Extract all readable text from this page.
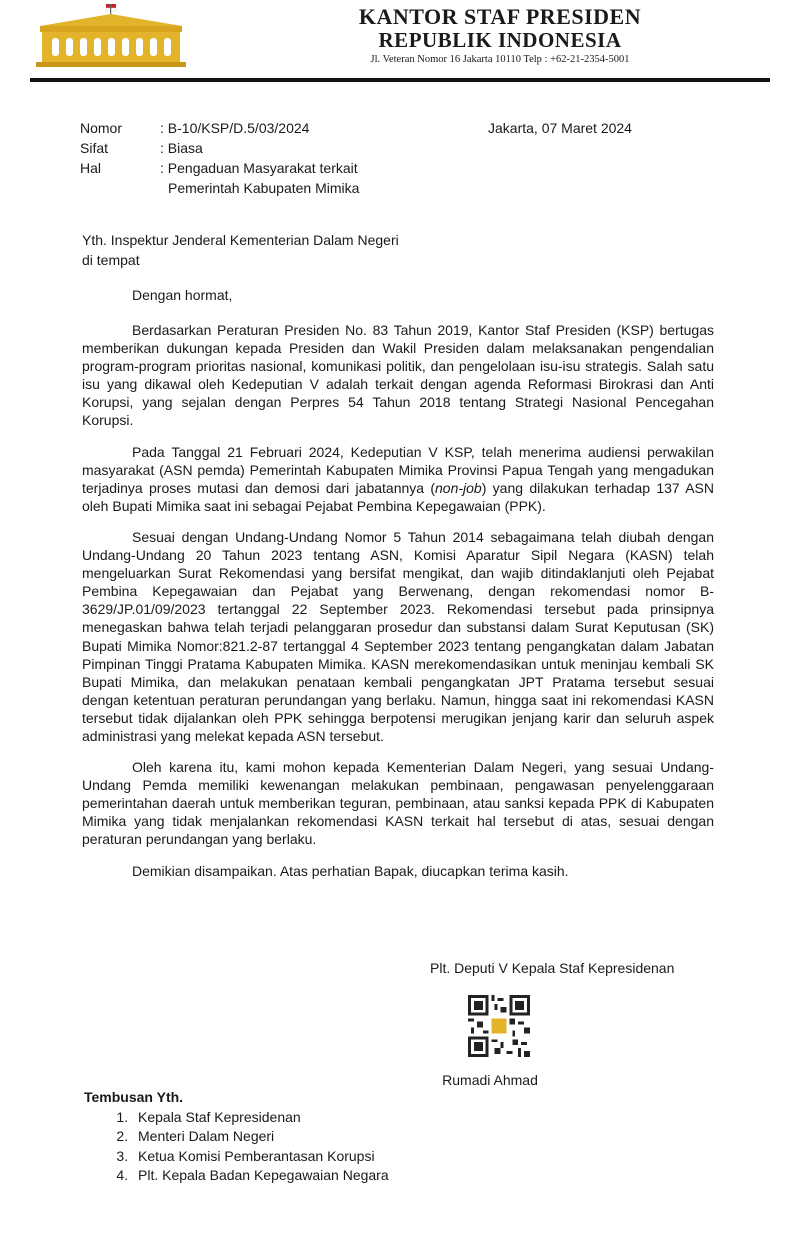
KANTOR STAF PRESIDEN
REPUBLIK INDONESIA
Jl. Veteran Nomor 16 Jakarta 10110 Telp : +62-21-2354-5001
Nomor	: B-10/KSP/D.5/03/2024
Sifat	: Biasa
Hal	: Pengaduan Masyarakat terkait
Pemerintah Kabupaten Mimika
Jakarta, 07 Maret 2024
Yth. Inspektur Jenderal Kementerian Dalam Negeri
di tempat
Dengan hormat,

Berdasarkan Peraturan Presiden No. 83 Tahun 2019, Kantor Staf Presiden (KSP) bertugas memberikan dukungan kepada Presiden dan Wakil Presiden dalam melaksanakan pengendalian program-program prioritas nasional, komunikasi politik, dan pengelolaan isu-isu strategis. Salah satu isu yang dikawal oleh Kedeputian V adalah terkait dengan agenda Reformasi Birokrasi dan Anti Korupsi, yang sejalan dengan Perpres 54 Tahun 2018 tentang Strategi Nasional Pencegahan Korupsi.

Pada Tanggal 21 Februari 2024, Kedeputian V KSP, telah menerima audiensi perwakilan masyarakat (ASN pemda) Pemerintah Kabupaten Mimika Provinsi Papua Tengah yang mengadukan terjadinya proses mutasi dan demosi dari jabatannya (non-job) yang dilakukan terhadap 137 ASN oleh Bupati Mimika saat ini sebagai Pejabat Pembina Kepegawaian (PPK).

Sesuai dengan Undang-Undang Nomor 5 Tahun 2014 sebagaimana telah diubah dengan Undang-Undang 20 Tahun 2023 tentang ASN, Komisi Aparatur Sipil Negara (KASN) telah mengeluarkan Surat Rekomendasi yang bersifat mengikat, dan wajib ditindaklanjuti oleh Pejabat Pembina Kepegawaian dan Pejabat yang Berwenang, dengan rekomendasi nomor B-3629/JP.01/09/2023 tertanggal 22 September 2023. Rekomendasi tersebut pada prinsipnya menegaskan bahwa telah terjadi pelanggaran prosedur dan substansi dalam Surat Keputusan (SK) Bupati Mimika Nomor:821.2-87 tertanggal 4 September 2023 tentang pengangkatan dalam Jabatan Pimpinan Tinggi Pratama Kabupaten Mimika. KASN merekomendasikan untuk meninjau kembali SK Bupati Mimika, dan melakukan penataan kembali pengangkatan JPT Pratama tersebut sesuai dengan ketentuan peraturan perundangan yang berlaku. Namun, hingga saat ini rekomendasi KASN tersebut tidak dijalankan oleh PPK sehingga berpotensi merugikan jenjang karir dan seluruh aspek administrasi yang melekat kepada ASN tersebut.

Oleh karena itu, kami mohon kepada Kementerian Dalam Negeri, yang sesuai Undang-Undang Pemda memiliki kewenangan melakukan pembinaan, pengawasan penyelenggaraan pemerintahan daerah untuk memberikan teguran, pembinaan, atau sanksi kepada PPK di Kabupaten Mimika yang tidak menjalankan rekomendasi KASN terkait hal tersebut di atas, sesuai dengan peraturan perundangan yang berlaku.

Demikian disampaikan. Atas perhatian Bapak, diucapkan terima kasih.

Plt. Deputi V Kepala Staf Kepresidenan
Rumadi Ahmad
Tembusan Yth.
1. Kepala Staf Kepresidenan
2. Menteri Dalam Negeri
3. Ketua Komisi Pemberantasan Korupsi
4. Plt. Kepala Badan Kepegawaian Negara
